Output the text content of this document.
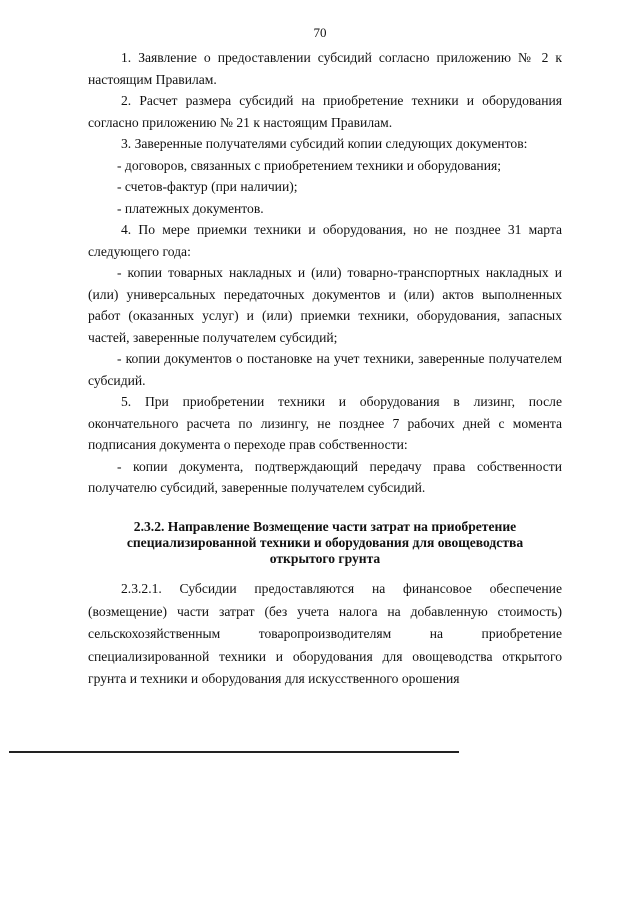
70

1. Заявление о предоставлении субсидий согласно приложению № 2 к настоящим Правилам.

2. Расчет размера субсидий на приобретение техники и оборудования согласно приложению № 21 к настоящим Правилам.

3. Заверенные получателями субсидий копии следующих документов:

- договоров, связанных с приобретением техники и оборудования;

- счетов-фактур (при наличии);

- платежных документов.

4. По мере приемки техники и оборудования, но не позднее 31 марта следующего года:

- копии товарных накладных и (или) товарно-транспортных накладных и (или) универсальных передаточных документов и (или) актов выполненных работ (оказанных услуг) и (или) приемки техники, оборудования, запасных частей, заверенные получателем субсидий;

- копии документов о постановке на учет техники, заверенные получателем субсидий.

5. При приобретении техники и оборудования в лизинг, после окончательного расчета по лизингу, не позднее 7 рабочих дней с момента подписания документа о переходе прав собственности:

- копии документа, подтверждающий передачу права собственности получателю субсидий, заверенные получателем субсидий.

2.3.2. Направление Возмещение части затрат на приобретение

специализированной техники и оборудования для овощеводства

открытого грунта

2.3.2.1. Субсидии предоставляются на финансовое обеспечение (возмещение) части затрат (без учета налога на добавленную стоимость) сельскохозяйственным товаропроизводителям на приобретение специализированной техники и оборудования для овощеводства открытого грунта и техники и оборудования для искусственного орошения
